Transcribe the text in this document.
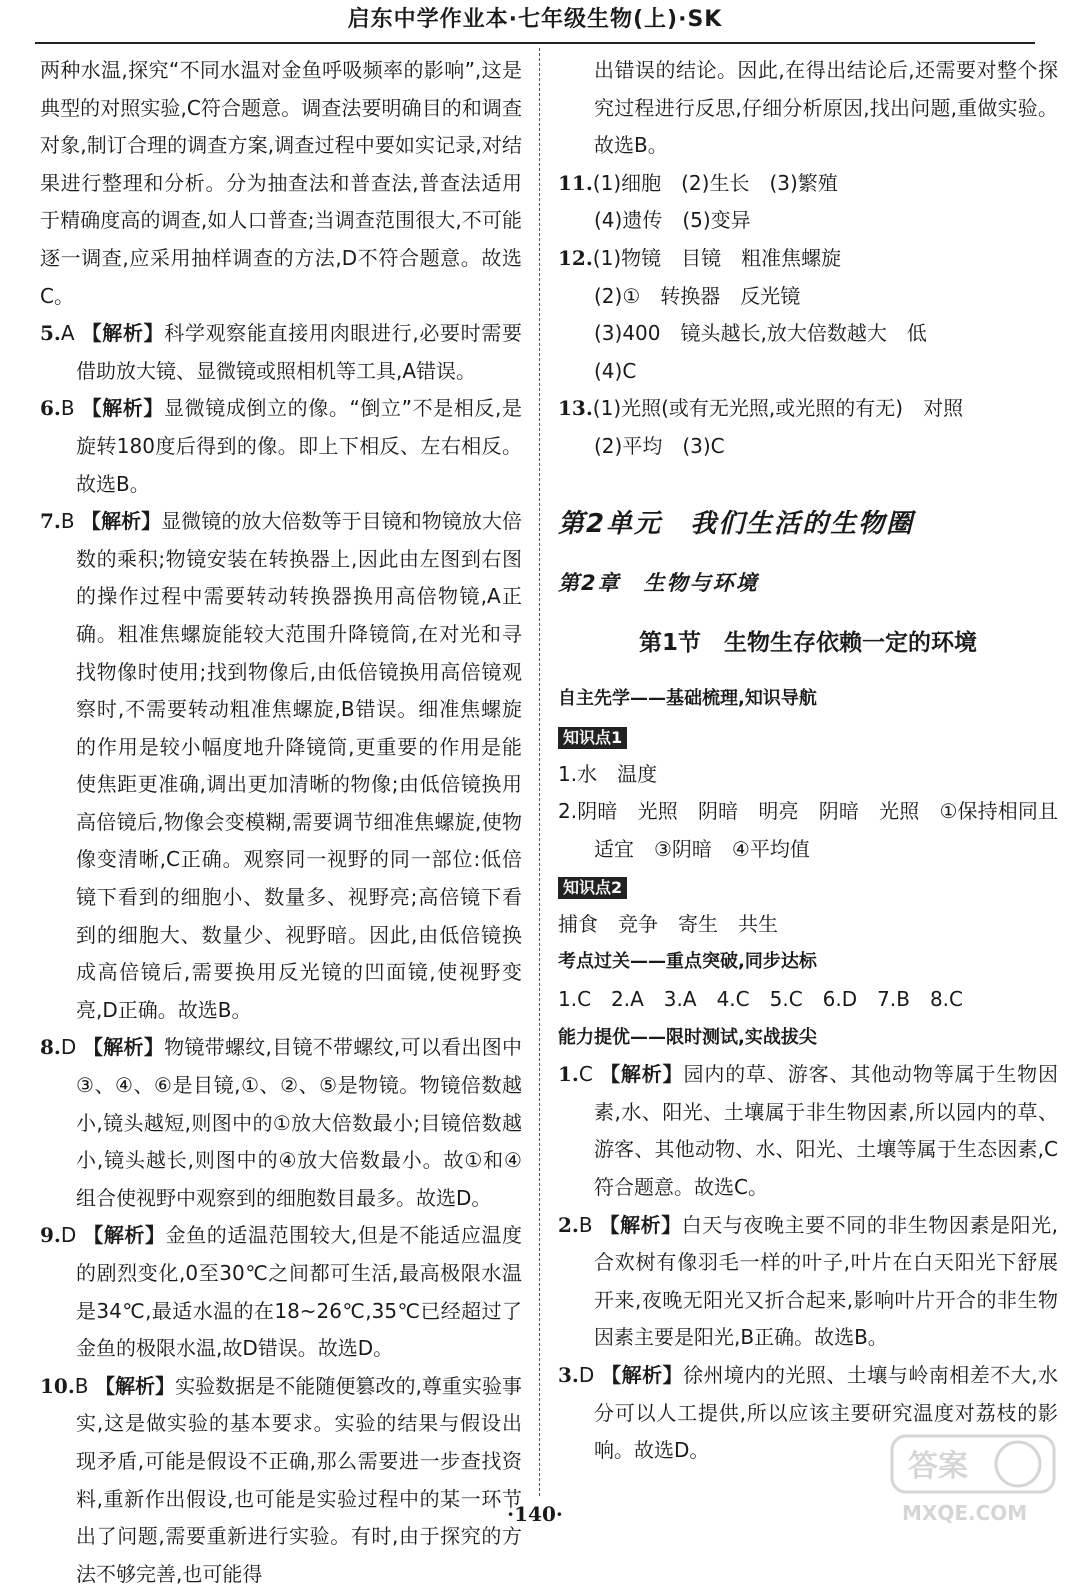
启东中学作业本·七年级生物(上)·SK

两种水温,探究“不同水温对金鱼呼吸频率的影响”,这是典型的对照实验,C符合题意。调查法要明确目的和调查对象,制订合理的调查方案,调查过程中要如实记录,对结果进行整理和分析。分为抽查法和普查法,普查法适用于精确度高的调查,如人口普查;当调查范围很大,不可能逐一调查,应采用抽样调查的方法,D不符合题意。故选C。

5.A 【解析】科学观察能直接用肉眼进行,必要时需要借助放大镜、显微镜或照相机等工具,A错误。

6.B 【解析】显微镜成倒立的像。“倒立”不是相反,是旋转180度后得到的像。即上下相反、左右相反。故选B。

7.B 【解析】显微镜的放大倍数等于目镜和物镜放大倍数的乘积;物镜安装在转换器上,因此由左图到右图的操作过程中需要转动转换器换用高倍物镜,A正确。粗准焦螺旋能较大范围升降镜筒,在对光和寻找物像时使用;找到物像后,由低倍镜换用高倍镜观察时,不需要转动粗准焦螺旋,B错误。细准焦螺旋的作用是较小幅度地升降镜筒,更重要的作用是能使焦距更准确,调出更加清晰的物像;由低倍镜换用高倍镜后,物像会变模糊,需要调节细准焦螺旋,使物像变清晰,C正确。观察同一视野的同一部位:低倍镜下看到的细胞小、数量多、视野亮;高倍镜下看到的细胞大、数量少、视野暗。因此,由低倍镜换成高倍镜后,需要换用反光镜的凹面镜,使视野变亮,D正确。故选B。

8.D 【解析】物镜带螺纹,目镜不带螺纹,可以看出图中③、④、⑥是目镜,①、②、⑤是物镜。物镜倍数越小,镜头越短,则图中的①放大倍数最小;目镜倍数越小,镜头越长,则图中的④放大倍数最小。故①和④组合使视野中观察到的细胞数目最多。故选D。

9.D 【解析】金鱼的适温范围较大,但是不能适应温度的剧烈变化,0至30℃之间都可生活,最高极限水温是34℃,最适水温的在18~26℃,35℃已经超过了金鱼的极限水温,故D错误。故选D。

10.B 【解析】实验数据是不能随便篡改的,尊重实验事实,这是做实验的基本要求。实验的结果与假设出现矛盾,可能是假设不正确,那么需要进一步查找资料,重新作出假设,也可能是实验过程中的某一环节出了问题,需要重新进行实验。有时,由于探究的方法不够完善,也可能得

出错误的结论。因此,在得出结论后,还需要对整个探究过程进行反思,仔细分析原因,找出问题,重做实验。故选B。

11.(1)细胞　(2)生长　(3)繁殖
(4)遗传　(5)变异

12.(1)物镜　目镜　粗准焦螺旋
(2)①　转换器　反光镜
(3)400　镜头越长,放大倍数越大　低
(4)C

13.(1)光照(或有无光照,或光照的有无)　对照
(2)平均　(3)C

第2单元　我们生活的生物圈
第2章　生物与环境
第1节　生物生存依赖一定的环境
自主先学——基础梳理,知识导航
知识点1

1.水　温度

2.阴暗　光照　阴暗　明亮　阴暗　光照　①保持相同且适宜　③阴暗　④平均值

知识点2

捕食　竞争　寄生　共生

考点过关——重点突破,同步达标

1.C　2.A　3.A　4.C　5.C　6.D　7.B　8.C

能力提优——限时测试,实战拔尖

1.C 【解析】园内的草、游客、其他动物等属于生物因素,水、阳光、土壤属于非生物因素,所以园内的草、游客、其他动物、水、阳光、土壤等属于生态因素,C符合题意。故选C。

2.B 【解析】白天与夜晚主要不同的非生物因素是阳光,合欢树有像羽毛一样的叶子,叶片在白天阳光下舒展开来,夜晚无阳光又折合起来,影响叶片开合的非生物因素主要是阳光,B正确。故选B。

3.D 【解析】徐州境内的光照、土壤与岭南相差不大,水分可以人工提供,所以应该主要研究温度对荔枝的影响。故选D。

·140·
答案
MXQE.COM
